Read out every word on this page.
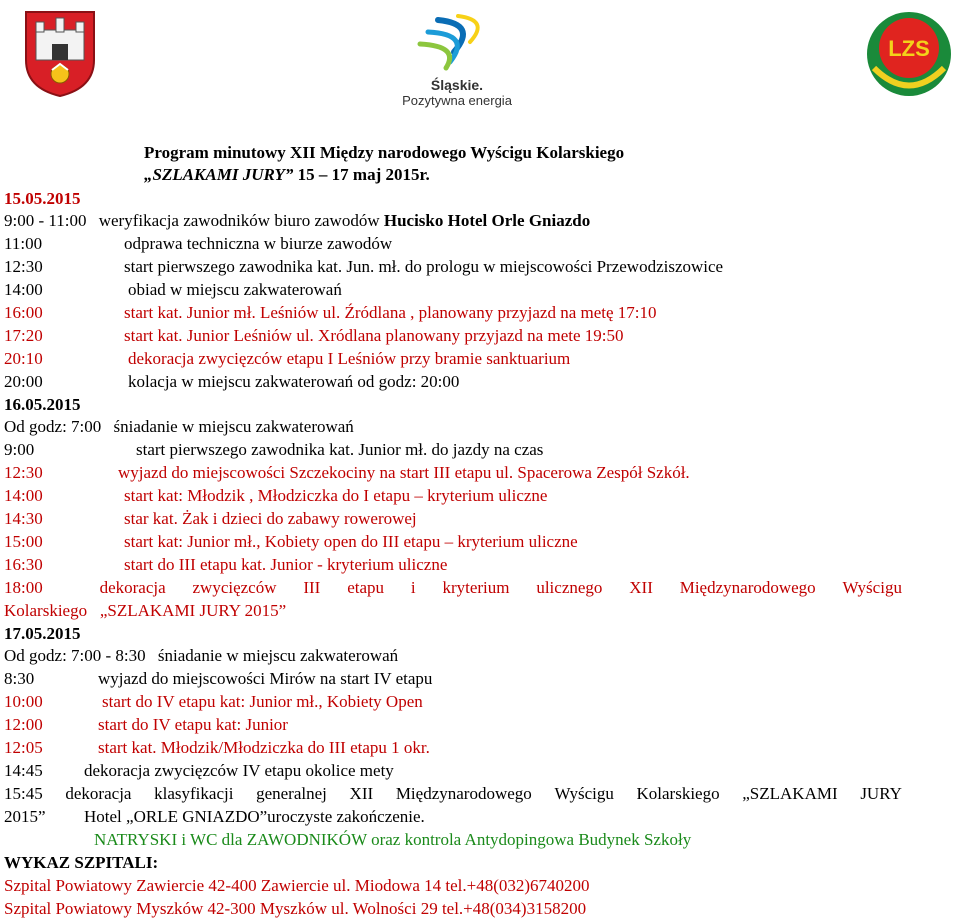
Śląskie.
Pozytywna energia
LZS
Program minutowy XII Między narodowego Wyścigu Kolarskiego
„SZLAKAMI JURY” 15 – 17 maj 2015r.
15.05.2015
9:00 - 11:00 weryfikacja zawodników biuro zawodów Hucisko Hotel Orle Gniazdo
11:00	odprawa techniczna w biurze zawodów
12:30	start pierwszego zawodnika kat. Jun. mł. do prologu w miejscowości Przewodziszowice
14:00	obiad w miejscu zakwaterowań
16:00	start kat. Junior mł. Leśniów ul. Źródlana , planowany przyjazd na metę 17:10
17:20	start kat. Junior Leśniów ul. Xródlana planowany przyjazd na mete 19:50
20:10	dekoracja zwycięzców etapu I Leśniów przy bramie sanktuarium
20:00	kolacja w miejscu zakwaterowań od godz: 20:00
16.05.2015
Od godz: 7:00 śniadanie w miejscu zakwaterowań
9:00	start pierwszego zawodnika kat. Junior mł. do jazdy na czas
12:30	wyjazd do miejscowości Szczekociny na start III etapu ul. Spacerowa Zespół Szkół.
14:00	start kat: Młodzik , Młodziczka do I etapu – kryterium uliczne
14:30	star kat. Żak i dzieci do zabawy rowerowej
15:00	start kat: Junior mł., Kobiety open do III etapu – kryterium uliczne
16:30	start do III etapu kat. Junior - kryterium uliczne
18:00	dekoracja zwycięzców III etapu i kryterium ulicznego XII Międzynarodowego Wyścigu
Kolarskiego   „SZLAKAMI JURY 2015”
17.05.2015
Od godz: 7:00 - 8:30 śniadanie w miejscu zakwaterowań
8:30	wyjazd do miejscowości Mirów na start IV etapu
10:00	start do IV etapu kat: Junior mł., Kobiety Open
12:00	start do IV etapu kat: Junior
12:05	start kat. Młodzik/Młodziczka do III etapu 1 okr.
14:45 dekoracja zwycięzców IV etapu okolice mety
15:45 dekoracja klasyfikacji generalnej XII Międzynarodowego Wyścigu Kolarskiego „SZLAKAMI JURY
2015” Hotel „ORLE GNIAZDO”uroczyste zakończenie.
NATRYSKI i WC dla ZAWODNIKÓW oraz kontrola Antydopingowa Budynek Szkoły
WYKAZ SZPITALI:
Szpital Powiatowy Zawiercie 42-400 Zawiercie ul. Miodowa 14 tel.+48(032)6740200
Szpital Powiatowy Myszków 42-300 Myszków ul. Wolności 29 tel.+48(034)3158200
